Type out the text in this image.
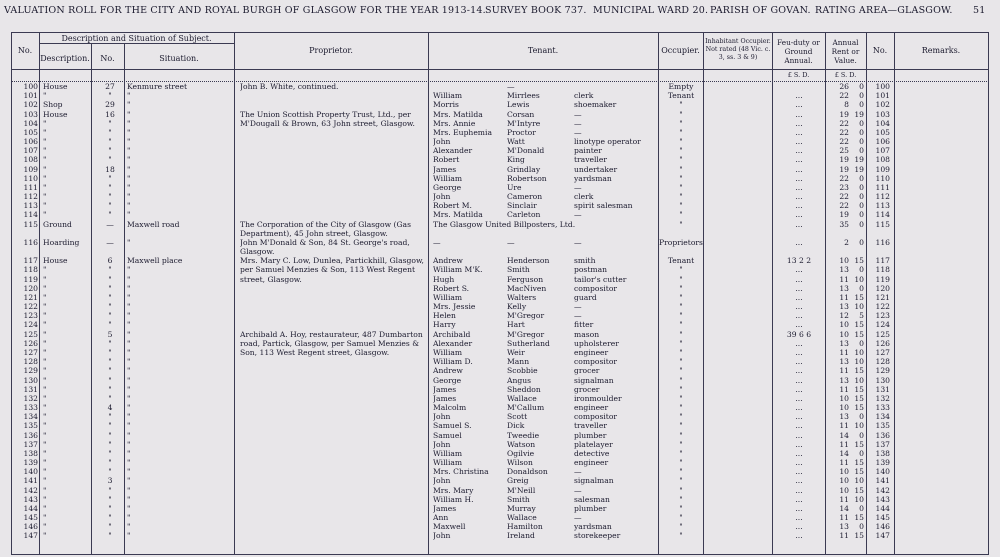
VALUATION ROLL FOR THE CITY AND ROYAL BURGH OF GLASGOW FOR THE YEAR 1913-14. SURVEY BOOK 737. MUNICIPAL WARD 20. PARISH OF GOVAN. RATING AREA—GLASGOW. 51
No.
Description and Situation of Subject.
Description.	No.	Situation.
Proprietor.	Tenant.	Occupier.
Inhabitant Occupier. Not rated (48 Vic. c. 3, ss. 3 & 9)
Feu-duty or Ground Annual.
Annual Rent or Value.
No.	Remarks.
£ S. D.	£ S. D.
100 House	27	Kenmure street	John B. White, continued.	—	Empty	26	0	100
101 "	"	"	William	Mirrlees	clerk	Tenant	...	22	0	101
102 Shop	29	"	Morris	Lewis	shoemaker	"	...	8	0	102
103 House	16	"	The Union Scottish Property Trust, Ltd., per	Mrs. Matilda	Corsan	—	"	...	19 19	103
104 "	"	"	M'Dougall & Brown, 63 John street, Glasgow.	Mrs. Annie	M'Intyre	—	"	...	22	0	104
105 "	"	"	Mrs. Euphemia	Proctor	—	"	...	22	0	105
106 "	"	"	John	Watt	linotype operator	"	...	22	0	106
107 "	"	"	Alexander	M'Donald	painter	"	...	25	0	107
108 "	"	"	Robert	King	traveller	"	...	19 19	108
109 "	18	"	James	Grindlay	undertaker	"	...	19 19	109
110 "	"	"	William	Robertson	yardsman	"	...	22	0	110
111 "	"	"	George	Ure	—	"	...	23	0	111
112 "	"	"	John	Cameron	clerk	"	...	22	0	112
113 "	"	"	Robert M.	Sinclair	spirit salesman	"	...	22	0	113
114 "	"	"	Mrs. Matilda	Carleton	—	"	...	19	0	114
115 Ground	—	Maxwell road	The Corporation of the City of Glasgow (Gas	The Glasgow United Billposters, Ltd.	"	...	35	0	115
Department), 45 John street, Glasgow.
116 Hoarding	—	"	John M'Donald & Son, 84 St. George's road,	—	—	—	Proprietors	...	2	0	116
Glasgow.
117 House	6	Maxwell place	Mrs. Mary C. Low, Dunlea, Partickhill, Glasgow,	Andrew	Henderson	smith	Tenant	13 2 2	10 15	117
118 "	"	"	per Samuel Menzies & Son, 113 West Regent	William M'K.	Smith	postman	"	...	13	0	118
119 "	"	"	street, Glasgow.	Hugh	Ferguson	tailor's cutter	"	...	11 10	119
120 "	"	"	Robert S.	MacNiven	compositor	"	...	13	0	120
121 "	"	"	William	Walters	guard	"	...	11 15	121
122 "	"	"	Mrs. Jessie	Kelly	—	"	...	13 10	122
123 "	"	"	Helen	M'Gregor	—	"	...	12	5	123
124 "	"	"	Harry	Hart	fitter	"	...	10 15	124
125 "	5	"	Archibald A. Hoy, restaurateur, 487 Dumbarton	Archibald	M'Gregor	mason	"	39 6 6	10 15	125
126 "	"	"	road, Partick, Glasgow, per Samuel Menzies &	Alexander	Sutherland	upholsterer	"	...	13	0	126
127 "	"	"	Son, 113 West Regent street, Glasgow.	William	Weir	engineer	"	...	11 10	127
128 "	"	"	William D.	Mann	compositor	"	...	13 10	128
129 "	"	"	Andrew	Scobbie	grocer	"	...	11 15	129
130 "	"	"	George	Angus	signalman	"	...	13 10	130
131 "	"	"	James	Sheddon	grocer	"	...	11 15	131
132 "	"	"	James	Wallace	ironmoulder	"	...	10 15	132
133 "	4	"	Malcolm	M'Callum	engineer	"	...	10 15	133
134 "	"	"	John	Scott	compositor	"	...	13	0	134
135 "	"	"	Samuel S.	Dick	traveller	"	...	11 10	135
136 "	"	"	Samuel	Tweedie	plumber	"	...	14	0	136
137 "	"	"	John	Watson	platelayer	"	...	11 15	137
138 "	"	"	William	Ogilvie	detective	"	...	14	0	138
139 "	"	"	William	Wilson	engineer	"	...	11 15	139
140 "	"	"	Mrs. Christina	Donaldson	—	"	...	10 15	140
141 "	3	"	John	Greig	signalman	"	...	10 10	141
142 "	"	"	Mrs. Mary	M'Neill	—	"	...	10 15	142
143 "	"	"	William H.	Smith	salesman	"	...	11 10	143
144 "	"	"	James	Murray	plumber	"	...	14	0	144
145 "	"	"	Ann	Wallace	—	"	...	11 15	145
146 "	"	"	Maxwell	Hamilton	yardsman	"	...	13	0	146
147 "	"	"	John	Ireland	storekeeper	"	...	11 15	147
